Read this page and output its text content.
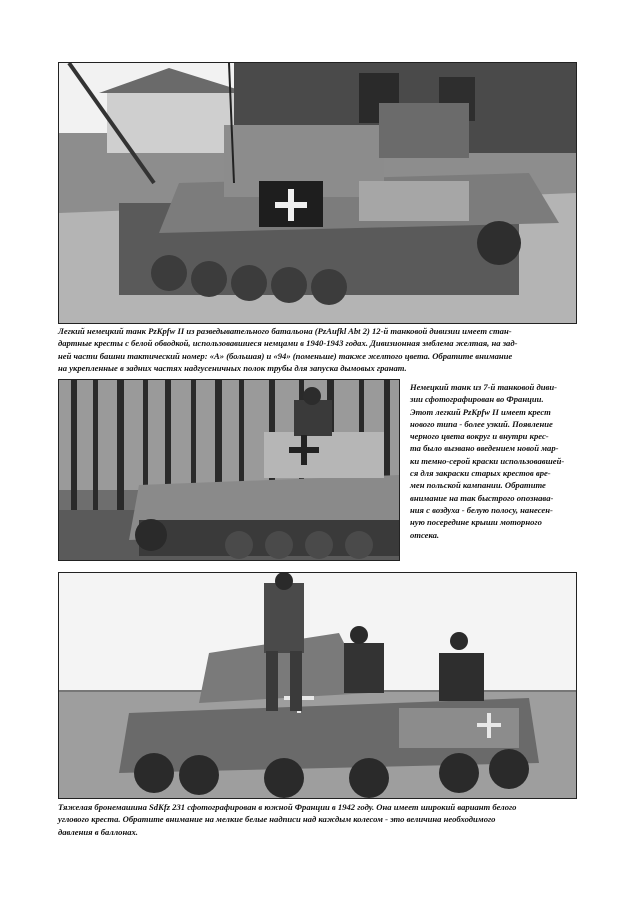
Легкий немецкий танк PzKpfw II из разведывательного батальона (PzAufkl Abt 2) 12-й танковой дивизии имеет стан-
дартные кресты с белой обводкой, использовавшиеся немцами в 1940-1943 годах. Дивизионная эмблема желтая, на зад-
ней части башни тактический номер: «A» (большая) и «94» (поменьше) также желтого цвета. Обратите внимание
на укрепленные в задних частях надгусеничных полок трубы для запуска дымовых гранат.

Немецкий танк из 7-й танковой диви-
зии сфотографирован во Франции.
Этот легкий PzKpfw II имеет крест
нового типа - более узкий. Появление
черного цвета вокруг и внутри крес-
та было вызвано введением новой мар-
ки темно-серой краски использовавшей-
ся для закраски старых крестов вре-
мен польской кампании. Обратите
внимание на так быстрого опознава-
ния с воздуха - белую полосу, нанесен-
ную посередине крыши моторного
отсека.

Тяжелая бронемашина SdKfz 231 сфотографирован в южной Франции в 1942 году. Она имеет широкий вариант белого
углового креста. Обратите внимание на мелкие белые надписи над каждым колесом - это величина необходимого
давления в баллонах.
